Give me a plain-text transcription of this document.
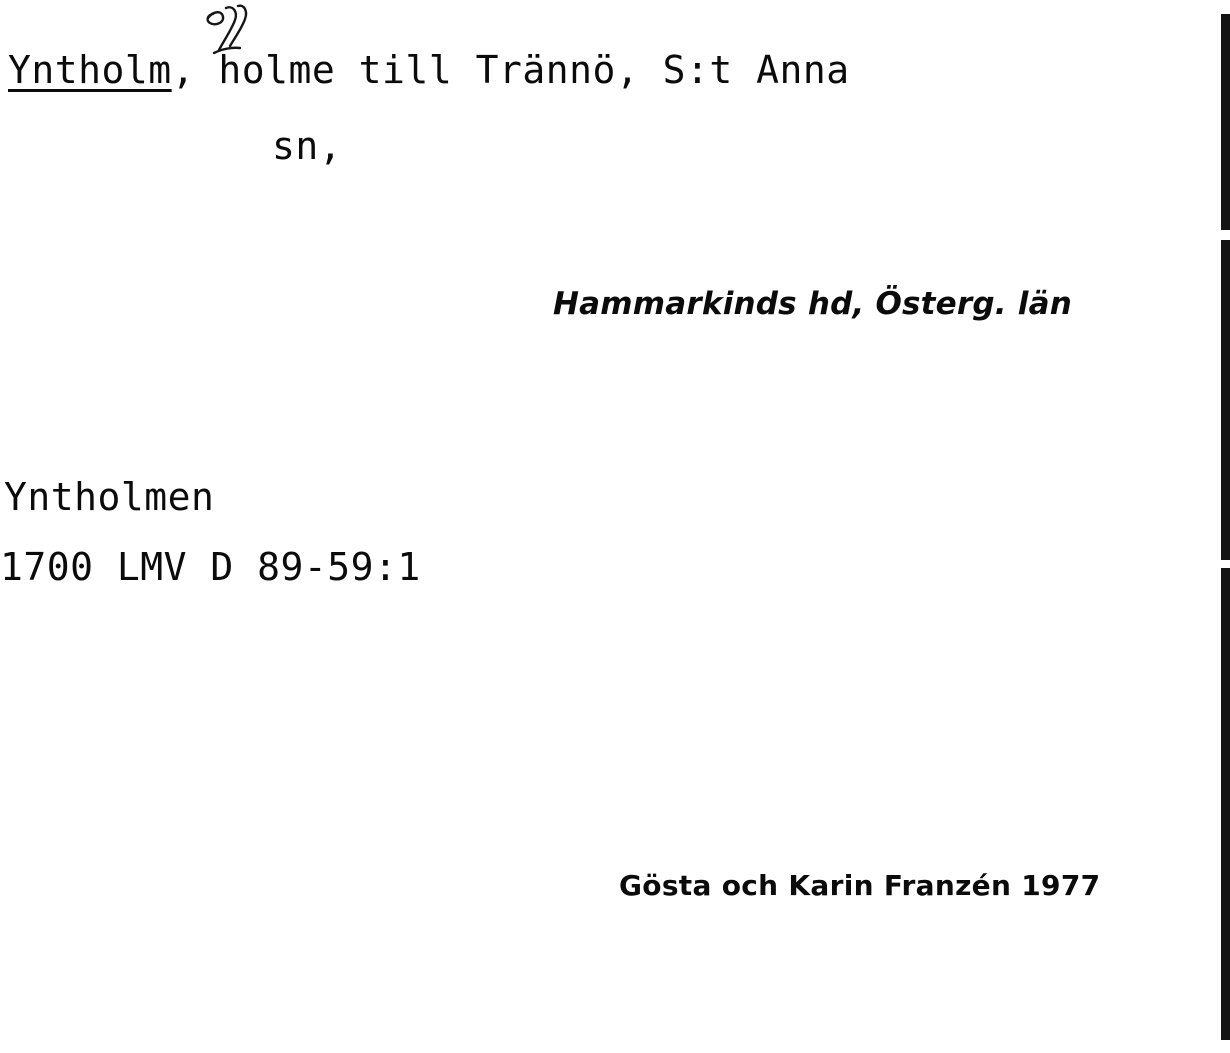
Yntholm, holme till Trännö, S:t Anna
sn,
Hammarkinds hd, Österg. län
Yntholmen
1700 LMV D 89-59:1
Gösta och Karin Franzén 1977
